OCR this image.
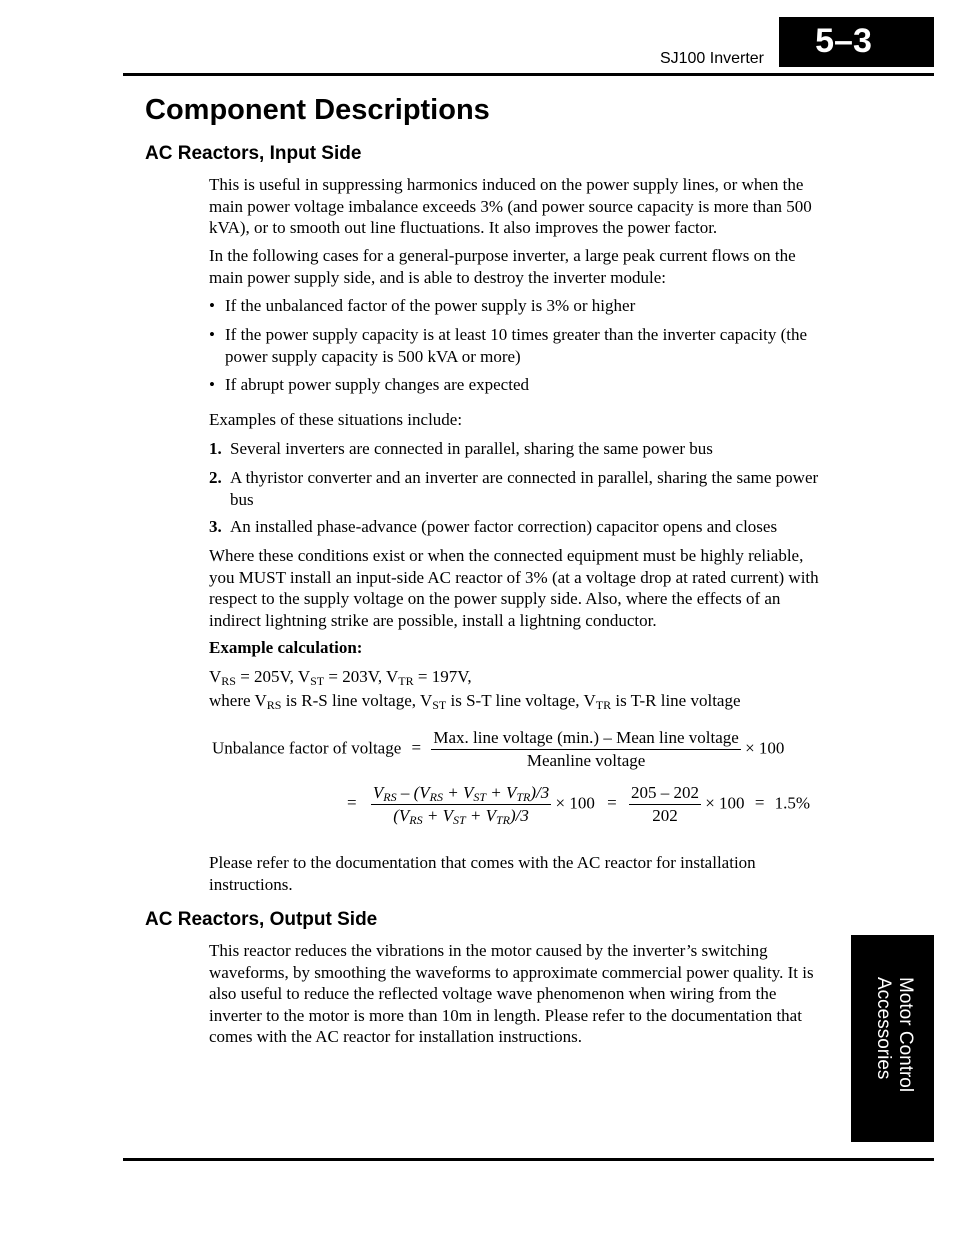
SJ100 Inverter	5–3
Component Descriptions
AC Reactors, Input Side

This is useful in suppressing harmonics induced on the power supply lines, or when the main power voltage imbalance exceeds 3% (and power source capacity is more than 500 kVA), or to smooth out line fluctuations. It also improves the power factor.

In the following cases for a general-purpose inverter, a large peak current flows on the main power supply side, and is able to destroy the inverter module:

• If the unbalanced factor of the power supply is 3% or higher
• If the power supply capacity is at least 10 times greater than the inverter capacity (the power supply capacity is 500 kVA or more)
• If abrupt power supply changes are expected
Examples of these situations include:
1. Several inverters are connected in parallel, sharing the same power bus
2. A thyristor converter and an inverter are connected in parallel, sharing the same power bus
3. An installed phase-advance (power factor correction) capacitor opens and closes

Where these conditions exist or when the connected equipment must be highly reliable, you MUST install an input-side AC reactor of 3% (at a voltage drop at rated current) with respect to the supply voltage on the power supply side. Also, where the effects of an indirect lightning strike are possible, install a lightning conductor.

Example calculation:
$V_{RS} = 205V$, $V_{ST} = 203V$, $V_{TR} = 197V$,
where $V_{RS}$ is R-S line voltage, $V_{ST}$ is S-T line voltage, $V_{TR}$ is T-R line voltage
Unbalance factor of voltage = $\frac{\text{Max. line voltage (min.) – Mean line voltage}}{\text{Meanline voltage}} \times 100$
= $\frac{V_{RS} - (V_{RS} + V_{ST} + V_{TR})/3}{(V_{RS} + V_{ST} + V_{TR})/3} \times 100 = \frac{205 - 202}{202} \times 100 = 1.5\%$

Please refer to the documentation that comes with the AC reactor for installation instructions.

AC Reactors, Output Side

This reactor reduces the vibrations in the motor caused by the inverter’s switching waveforms, by smoothing the waveforms to approximate commercial power quality. It is also useful to reduce the reflected voltage wave phenomenon when wiring from the inverter to the motor is more than 10m in length. Please refer to the documentation that comes with the AC reactor for installation instructions.	Motor Control
Accessories
